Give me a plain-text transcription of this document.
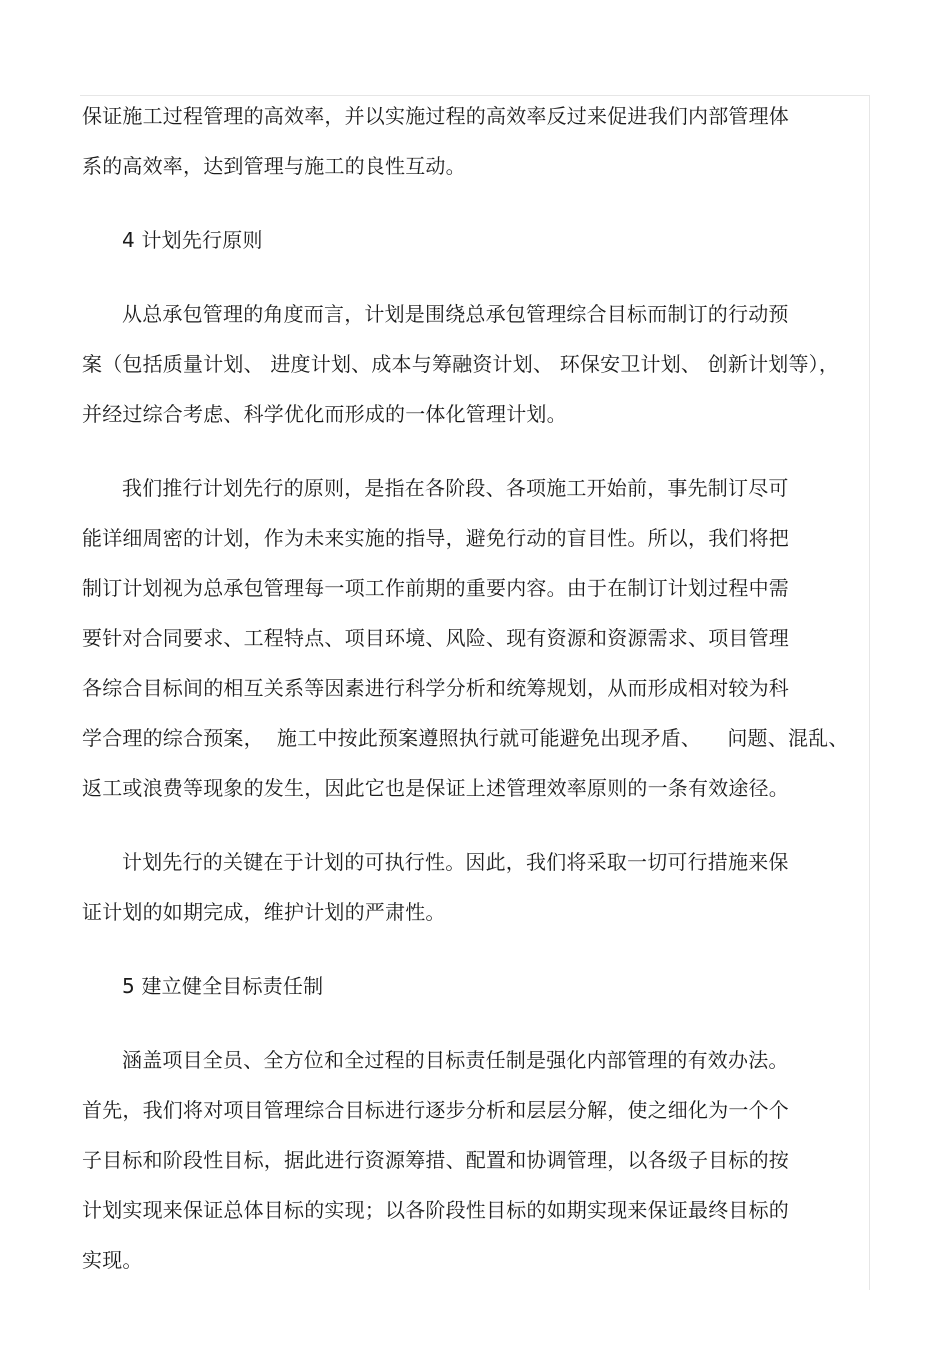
保证施工过程管理的高效率，并以实施过程的高效率反过来促进我们内部管理体
系的高效率，达到管理与施工的良性互动。
4 计划先行原则
从总承包管理的角度而言，计划是围绕总承包管理综合目标而制订的行动预
案（包括质量计划、 进度计划、成本与筹融资计划、 环保安卫计划、 创新计划等），
并经过综合考虑、科学优化而形成的一体化管理计划。
我们推行计划先行的原则，是指在各阶段、各项施工开始前，事先制订尽可
能详细周密的计划，作为未来实施的指导，避免行动的盲目性。所以，我们将把
制订计划视为总承包管理每一项工作前期的重要内容。由于在制订计划过程中需
要针对合同要求、工程特点、项目环境、风险、现有资源和资源需求、项目管理
各综合目标间的相互关系等因素进行科学分析和统筹规划，从而形成相对较为科
学合理的综合预案，  施工中按此预案遵照执行就可能避免出现矛盾、    问题、混乱、
返工或浪费等现象的发生，因此它也是保证上述管理效率原则的一条有效途径。
计划先行的关键在于计划的可执行性。因此，我们将采取一切可行措施来保
证计划的如期完成，维护计划的严肃性。
5 建立健全目标责任制
涵盖项目全员、全方位和全过程的目标责任制是强化内部管理的有效办法。
首先，我们将对项目管理综合目标进行逐步分析和层层分解，使之细化为一个个
子目标和阶段性目标，据此进行资源筹措、配置和协调管理，以各级子目标的按
计划实现来保证总体目标的实现；以各阶段性目标的如期实现来保证最终目标的
实现。
